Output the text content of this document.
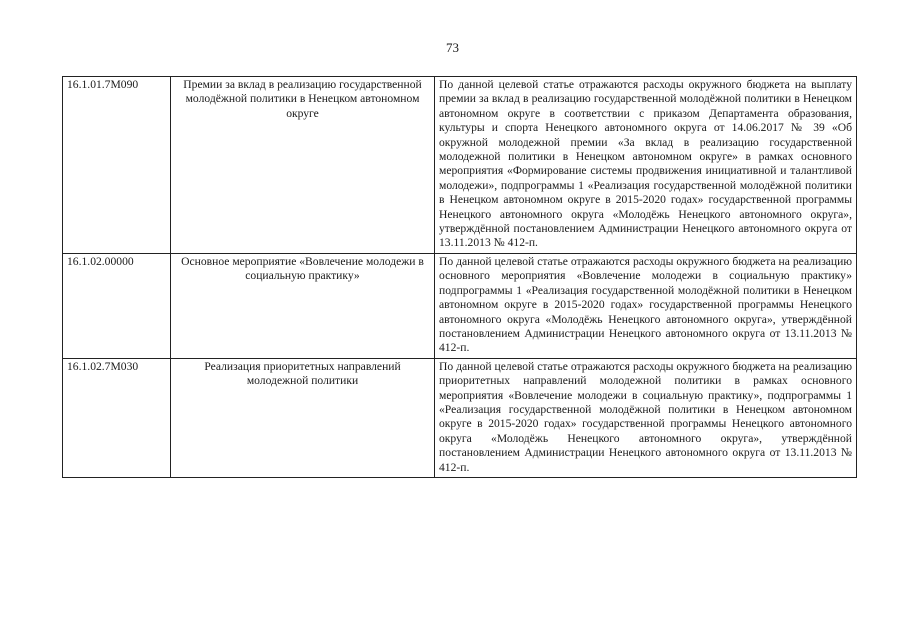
73
16.1.01.7М090	Премии за вклад в реализацию государственной молодёжной политики в Ненецком автономном округе	По данной целевой статье отражаются расходы окружного бюджета на выплату премии за вклад в реализацию государственной молодёжной политики в Ненецком автономном округе в соответствии с приказом Департамента образования, культуры и спорта Ненецкого автономного округа от 14.06.2017 № 39 «Об окружной молодежной премии «За вклад в реализацию государственной молодежной политики в Ненецком автономном округе» в рамках основного мероприятия «Формирование системы продвижения инициативной и талантливой молодежи», подпрограммы 1 «Реализация государственной молодёжной политики в Ненецком автономном округе в 2015-2020 годах» государственной программы Ненецкого автономного округа «Молодёжь Ненецкого автономного округа», утверждённой постановлением Администрации Ненецкого автономного округа от 13.11.2013 № 412-п.
16.1.02.00000	Основное мероприятие «Вовлечение молодежи в социальную практику»	По данной целевой статье отражаются расходы окружного бюджета на реализацию основного мероприятия «Вовлечение молодежи в социальную практику» подпрограммы 1 «Реализация государственной молодёжной политики в Ненецком автономном округе в 2015-2020 годах» государственной программы Ненецкого автономного округа «Молодёжь Ненецкого автономного округа», утверждённой постановлением Администрации Ненецкого автономного округа от 13.11.2013 № 412-п.
16.1.02.7М030	Реализация приоритетных направлений молодежной политики	По данной целевой статье отражаются расходы окружного бюджета на реализацию приоритетных направлений молодежной политики в рамках основного мероприятия «Вовлечение молодежи в социальную практику», подпрограммы 1 «Реализация государственной молодёжной политики в Ненецком автономном округе в 2015-2020 годах» государственной программы Ненецкого автономного округа «Молодёжь Ненецкого автономного округа», утверждённой постановлением Администрации Ненецкого автономного округа от 13.11.2013 № 412-п.
